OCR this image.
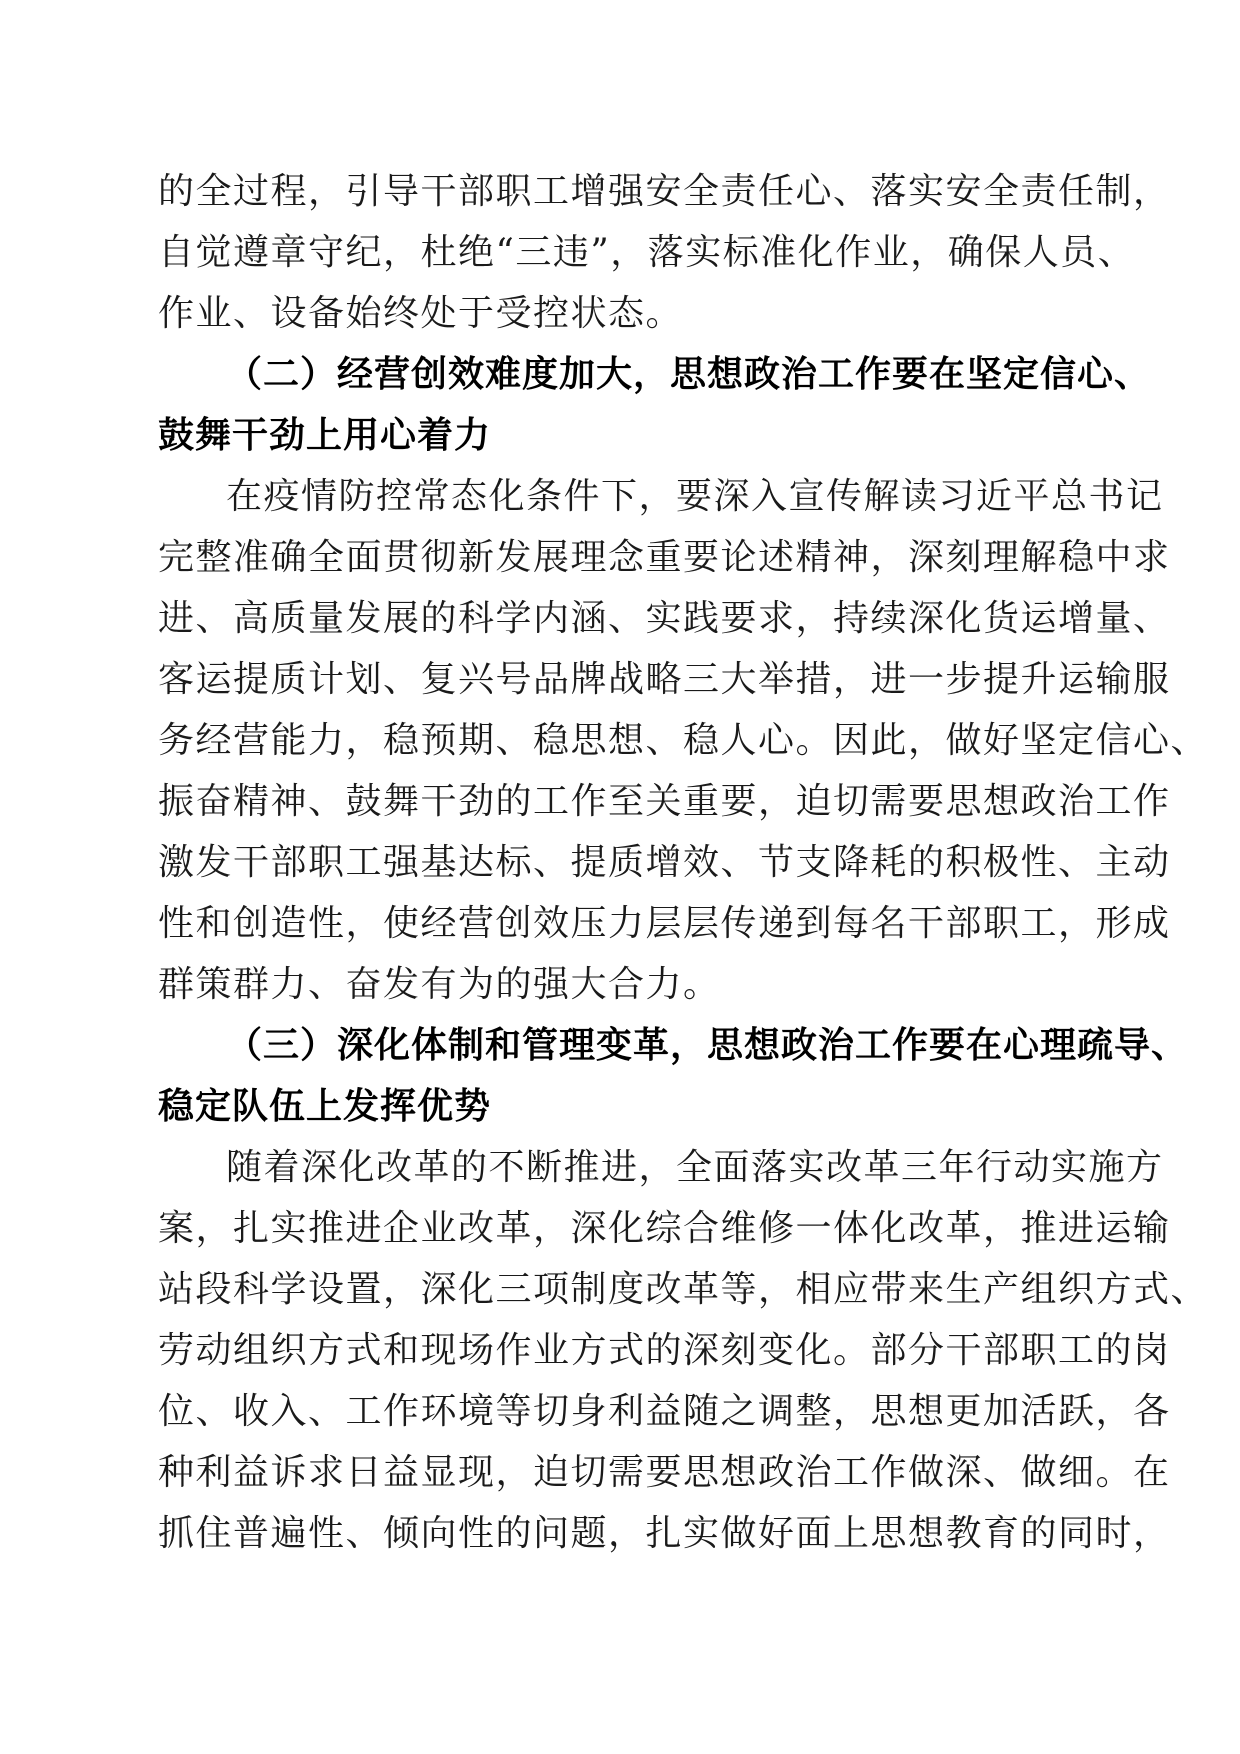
的全过程，引导干部职工增强安全责任心、落实安全责任制，
自觉遵章守纪，杜绝“三违”，落实标准化作业，确保人员、
作业、设备始终处于受控状态。
（二）经营创效难度加大，思想政治工作要在坚定信心、
鼓舞干劲上用心着力
在疫情防控常态化条件下，要深入宣传解读习近平总书记
完整准确全面贯彻新发展理念重要论述精神，深刻理解稳中求
进、高质量发展的科学内涵、实践要求，持续深化货运增量、
客运提质计划、复兴号品牌战略三大举措，进一步提升运输服
务经营能力，稳预期、稳思想、稳人心。因此，做好坚定信心、
振奋精神、鼓舞干劲的工作至关重要，迫切需要思想政治工作
激发干部职工强基达标、提质增效、节支降耗的积极性、主动
性和创造性，使经营创效压力层层传递到每名干部职工，形成
群策群力、奋发有为的强大合力。
（三）深化体制和管理变革，思想政治工作要在心理疏导、
稳定队伍上发挥优势
随着深化改革的不断推进，全面落实改革三年行动实施方
案，扎实推进企业改革，深化综合维修一体化改革，推进运输
站段科学设置，深化三项制度改革等，相应带来生产组织方式、
劳动组织方式和现场作业方式的深刻变化。部分干部职工的岗
位、收入、工作环境等切身利益随之调整，思想更加活跃，各
种利益诉求日益显现，迫切需要思想政治工作做深、做细。在
抓住普遍性、倾向性的问题，扎实做好面上思想教育的同时，
